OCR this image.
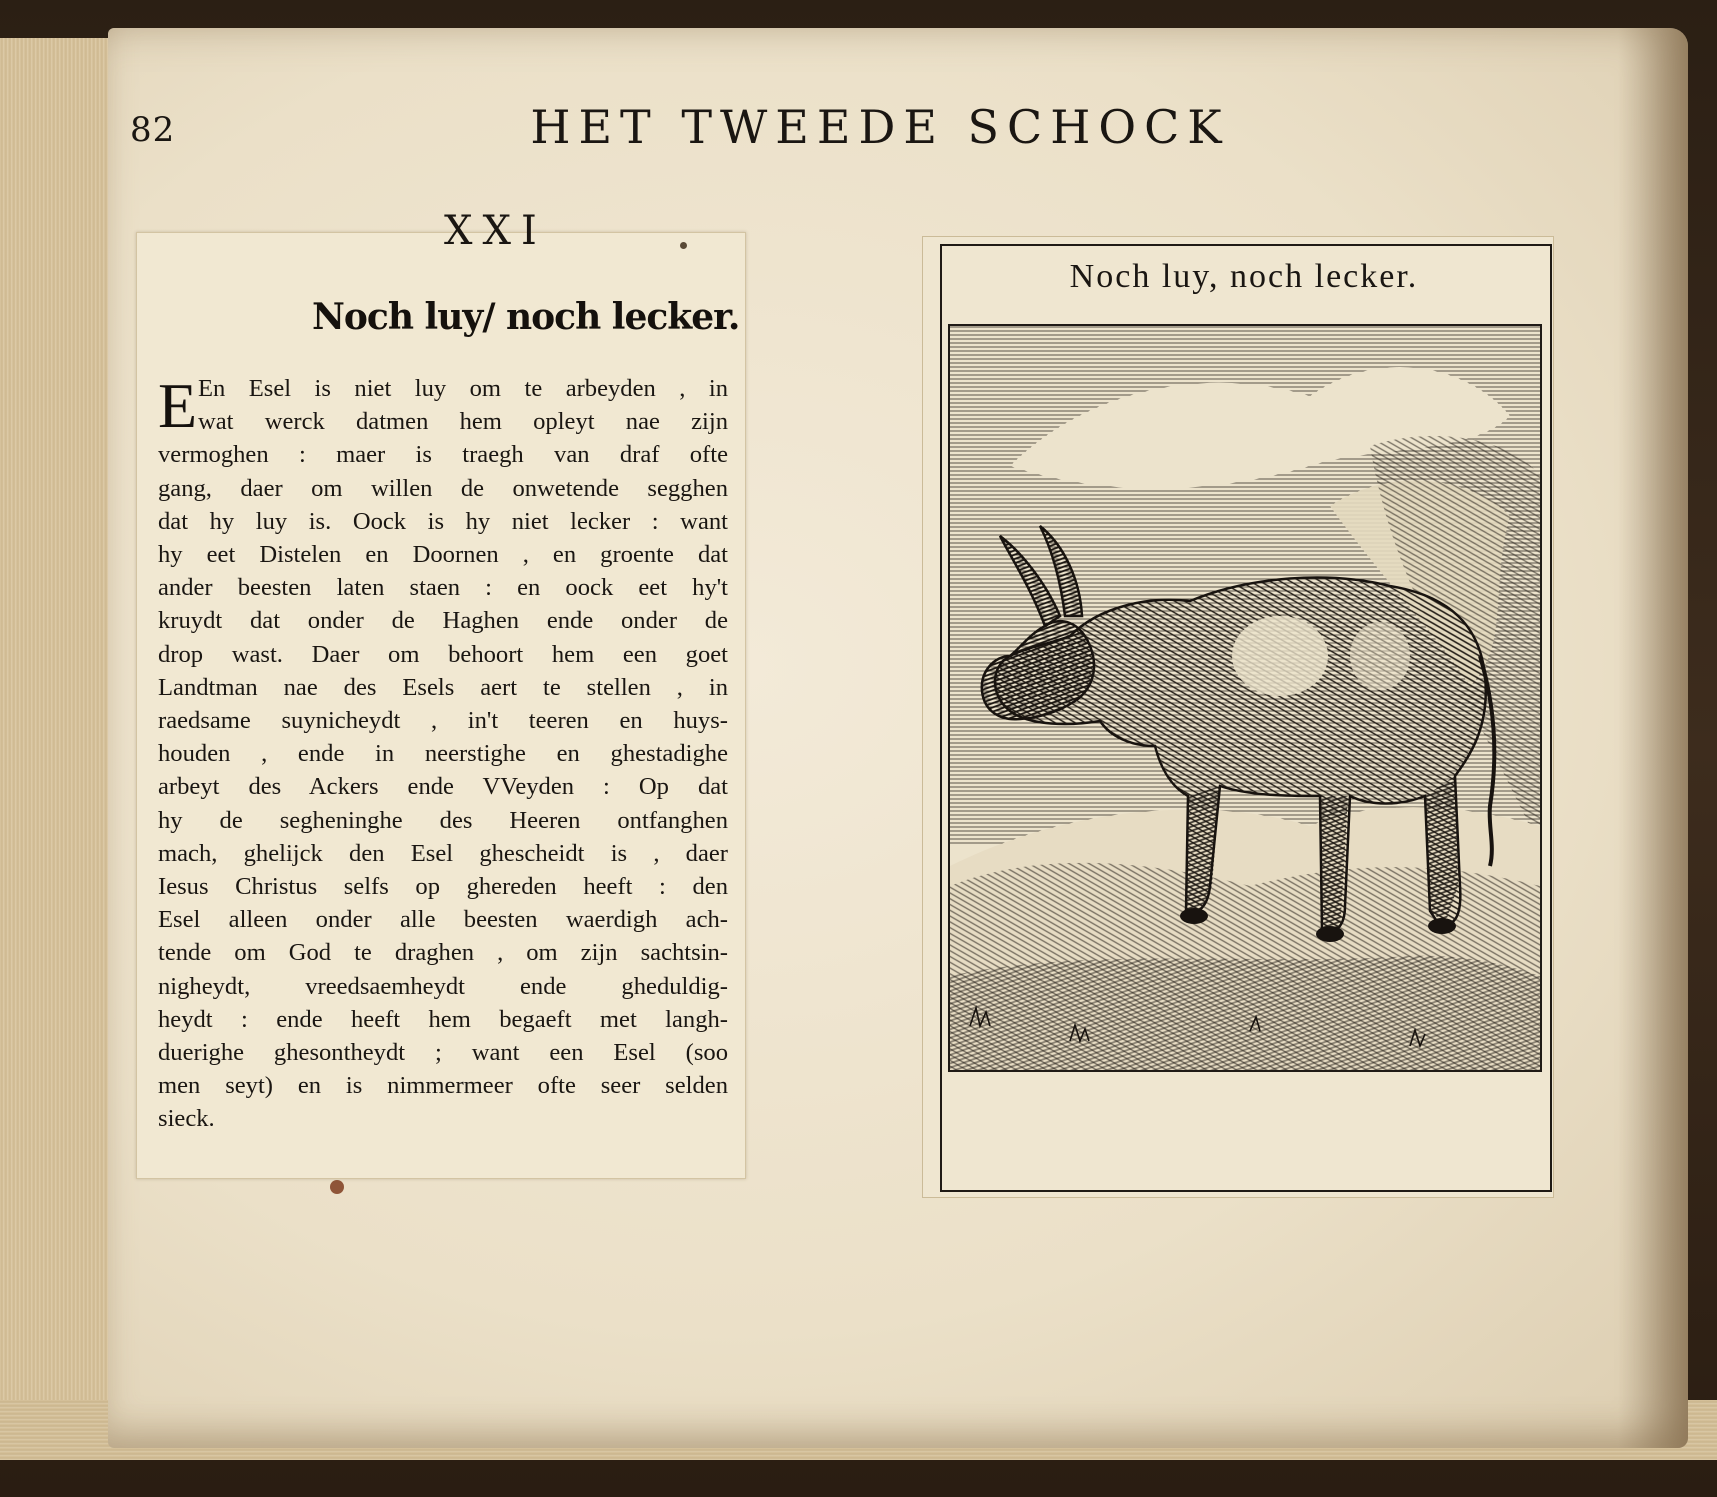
82	HET TWEEDE SCHOCK
XXI
Noch luy/ noch lecker.
E En Esel is niet luy om te arbeyden , in
wat werck datmen hem opleyt nae zijn
vermoghen : maer is traegh van draf ofte
gang, daer om willen de onwetende segghen
dat hy luy is. Oock is hy niet lecker : want
hy eet Distelen en Doornen , en groente dat
ander beesten laten staen : en oock eet hy't
kruydt dat onder de Haghen ende onder de
drop wast. Daer om behoort hem een goet
Landtman nae des Esels aert te stellen , in
raedsame suynicheydt , in't teeren en huys-
houden , ende in neerstighe en ghestadighe
arbeyt des Ackers ende VVeyden : Op dat
hy de segheninghe des Heeren ontfanghen
mach, ghelijck den Esel ghescheidt is , daer
Iesus Christus selfs op ghereden heeft : den
Esel alleen onder alle beesten waerdigh ach-
tende om God te draghen , om zijn sachtsin-
nigheydt, vreedsaemheydt ende gheduldig-
heydt : ende heeft hem begaeft met langh-
duerighe ghesontheydt ; want een Esel (soo
men seyt) en is nimmermeer ofte seer selden
sieck.
Noch luy, noch lecker.
